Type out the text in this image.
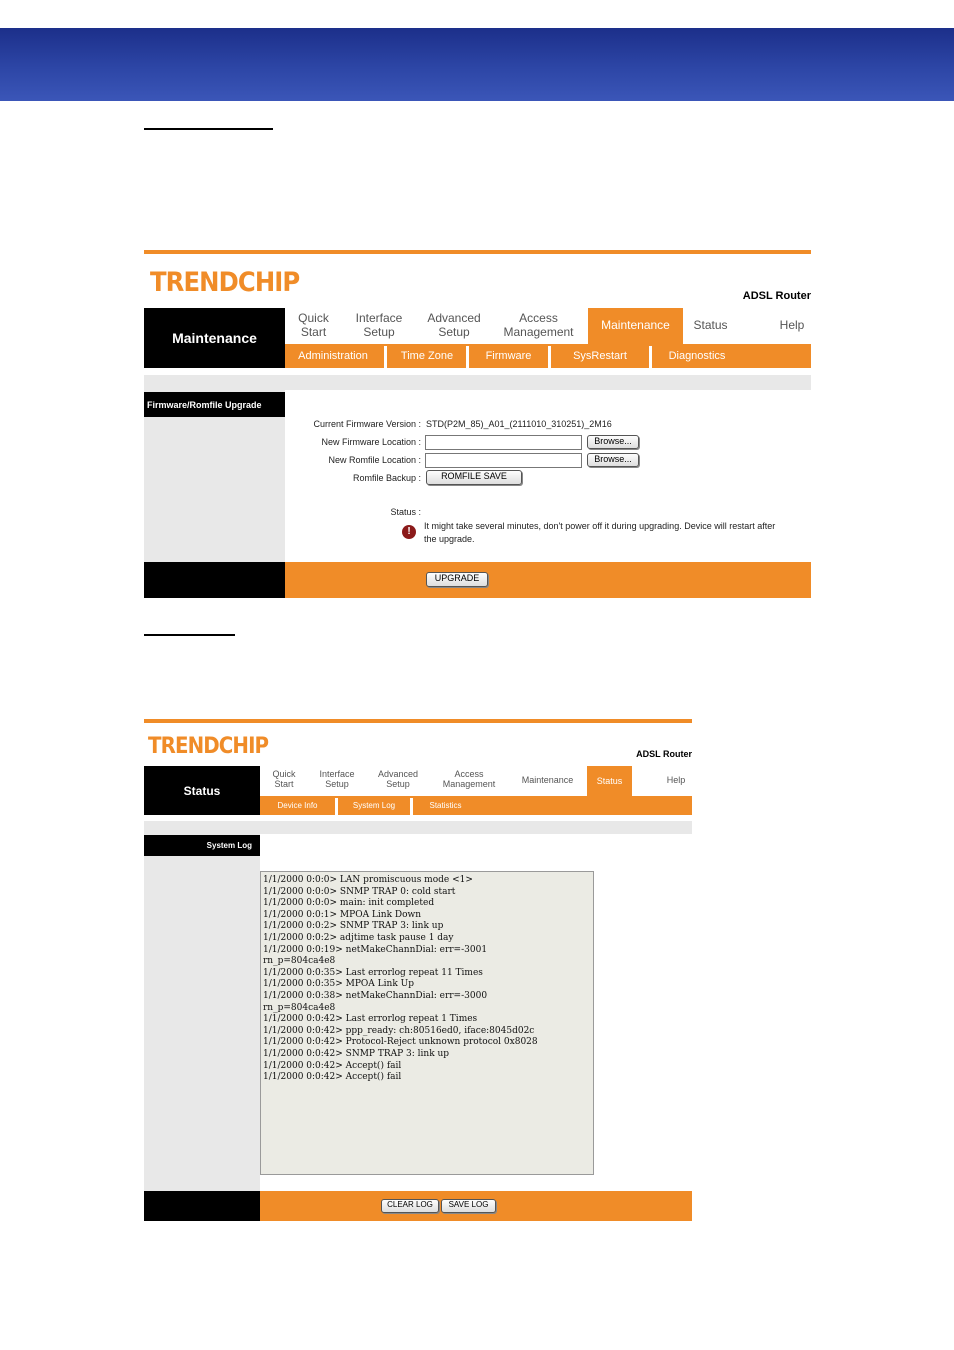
TRENDCHIP	ADSL Router
Maintenance
Quick
Start
Interface
Setup
Advanced
Setup
Access
Management	Maintenance	Status	Help
Administration	Time Zone	Firmware	SysRestart	Diagnostics
Firmware/Romfile Upgrade
Current Firmware Version : STD(P2M_85)_A01_(2111010_310251)_2M16
New Firmware Location :	Browse...
New Romfile Location :	Browse...
Romfile Backup :	ROMFILE SAVE
Status :
!	It might take several minutes, don't power off it during upgrading. Device will restart after
the upgrade.
UPGRADE
TRENDCHIP	ADSL Router
Status
Quick
Start
Interface
Setup
Advanced
Setup
Access
Management	Maintenance	Status	Help
Device Info	System Log	Statistics
System Log
1/1/2000 0:0:0> LAN promiscuous mode <1>
1/1/2000 0:0:0> SNMP TRAP 0: cold start
1/1/2000 0:0:0> main: init completed
1/1/2000 0:0:1> MPOA Link Down
1/1/2000 0:0:2> SNMP TRAP 3: link up
1/1/2000 0:0:2> adjtime task pause 1 day
1/1/2000 0:0:19> netMakeChannDial: err=-3001
rn_p=804ca4e8
1/1/2000 0:0:35> Last errorlog repeat 11 Times
1/1/2000 0:0:35> MPOA Link Up
1/1/2000 0:0:38> netMakeChannDial: err=-3000
rn_p=804ca4e8
1/1/2000 0:0:42> Last errorlog repeat 1 Times
1/1/2000 0:0:42> ppp_ready: ch:80516ed0, iface:8045d02c
1/1/2000 0:0:42> Protocol-Reject unknown protocol 0x8028
1/1/2000 0:0:42> SNMP TRAP 3: link up
1/1/2000 0:0:42> Accept() fail
1/1/2000 0:0:42> Accept() fail
CLEAR LOG	SAVE LOG
